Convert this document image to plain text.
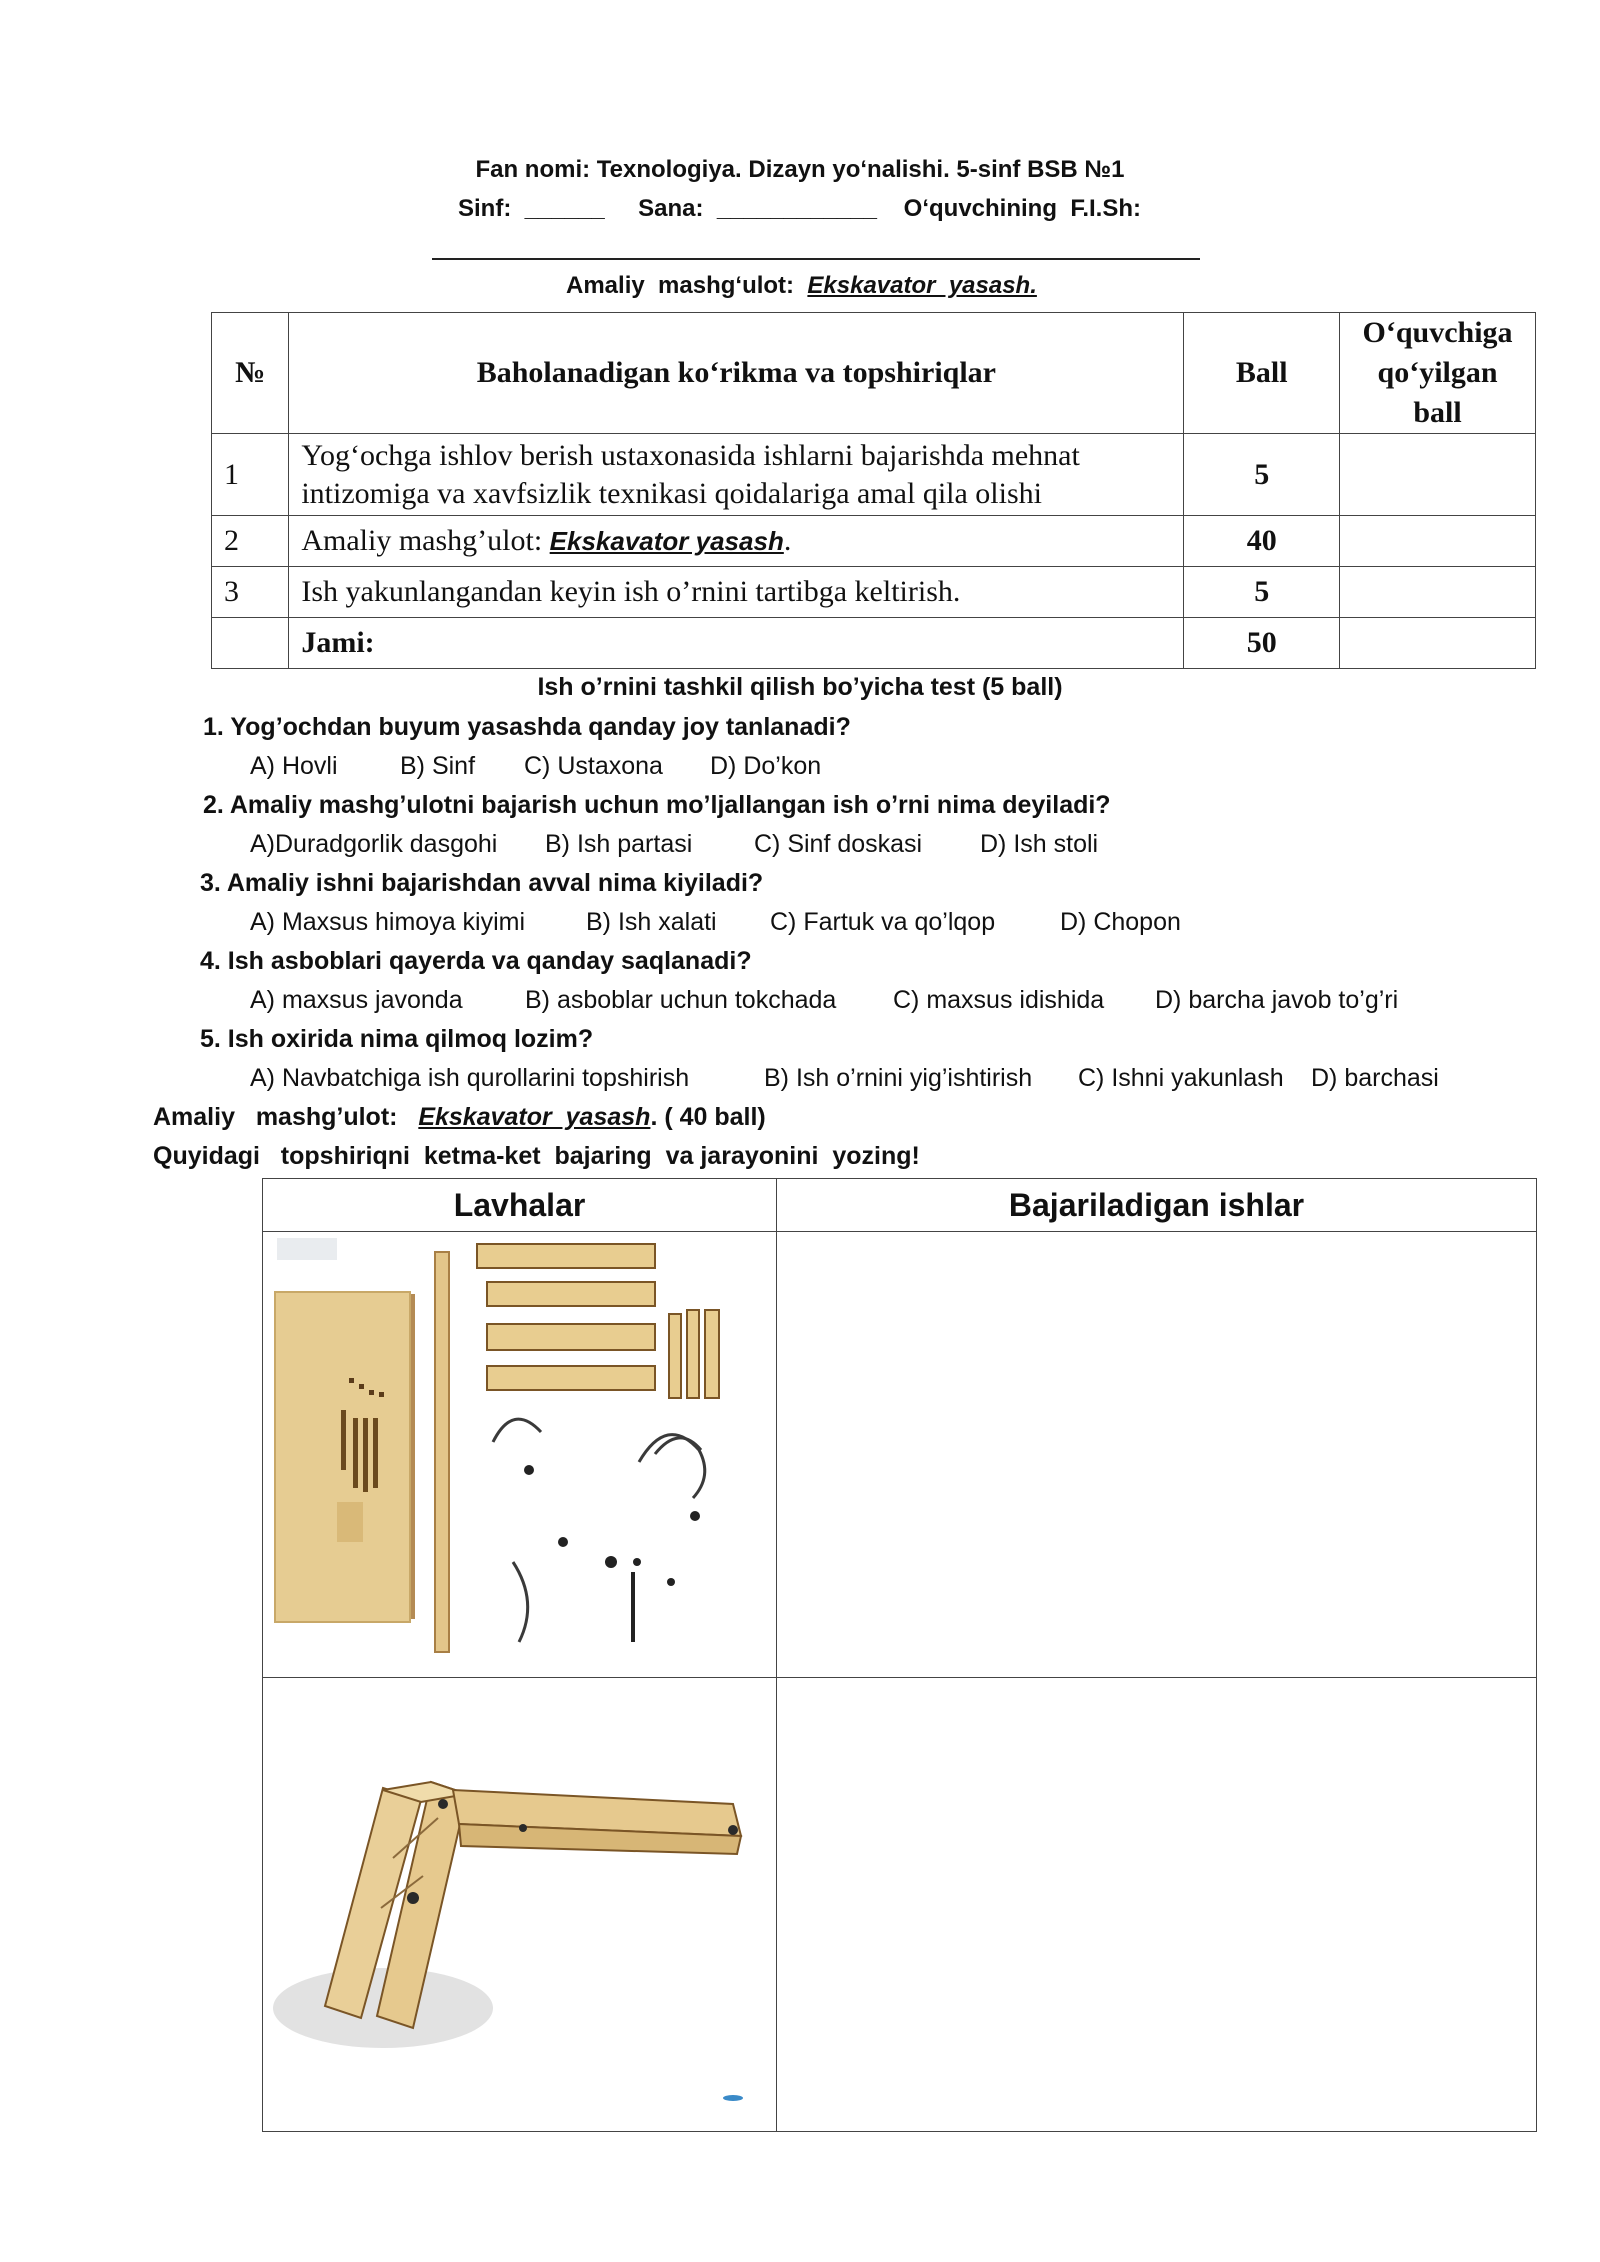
Fan nomi: Texnologiya. Dizayn yo‘nalishi. 5-sinf BSB №1
Sinf: ______ Sana: ____________ O‘quvchining  F.I.Sh:
Amaliy  mashg‘ulot: Ekskavator  yasash.
№	Baholanadigan ko‘rikma va topshiriqlar	Ball	O‘quvchiga qo‘yilgan ball
1	Yog‘ochga ishlov berish ustaxonasida ishlarni bajarishda mehnat intizomiga va xavfsizlik texnikasi qoidalariga amal qila olishi	5	
2	Amaliy mashg’ulot: Ekskavator yasash.	40	
3	Ish yakunlangandan keyin ish o’rnini tartibga keltirish.	5	
	Jami:	50	
Ish o’rnini tashkil qilish bo’yicha test (5 ball)
1. Yog’ochdan buyum yasashda qanday joy tanlanadi?
A) Hovli B) Sinf C) Ustaxona D) Do’kon
2. Amaliy mashg’ulotni bajarish uchun mo’ljallangan ish o’rni nima deyiladi?
A)Duradgorlik dasgohi B) Ish partasi C) Sinf doskasi D) Ish stoli
3. Amaliy ishni bajarishdan avval nima kiyiladi?
A) Maxsus himoya kiyimi B) Ish xalati C) Fartuk va qo’lqop	D) Chopon
4. Ish asboblari qayerda va qanday saqlanadi?
A) maxsus javonda B) asboblar uchun tokchada C) maxsus idishida D) barcha javob to’g’ri
5. Ish oxirida nima qilmoq lozim?
A) Navbatchiga ish qurollarini topshirish	B) Ish o’rnini yig’ishtirish C) Ishni yakunlash D) barchasi
Amaliy   mashg’ulot: Ekskavator  yasash. ( 40 ball)
Quyidagi   topshiriqni  ketma-ket  bajaring  va jarayonini  yozing!
Lavhalar	Bajariladigan ishlar
